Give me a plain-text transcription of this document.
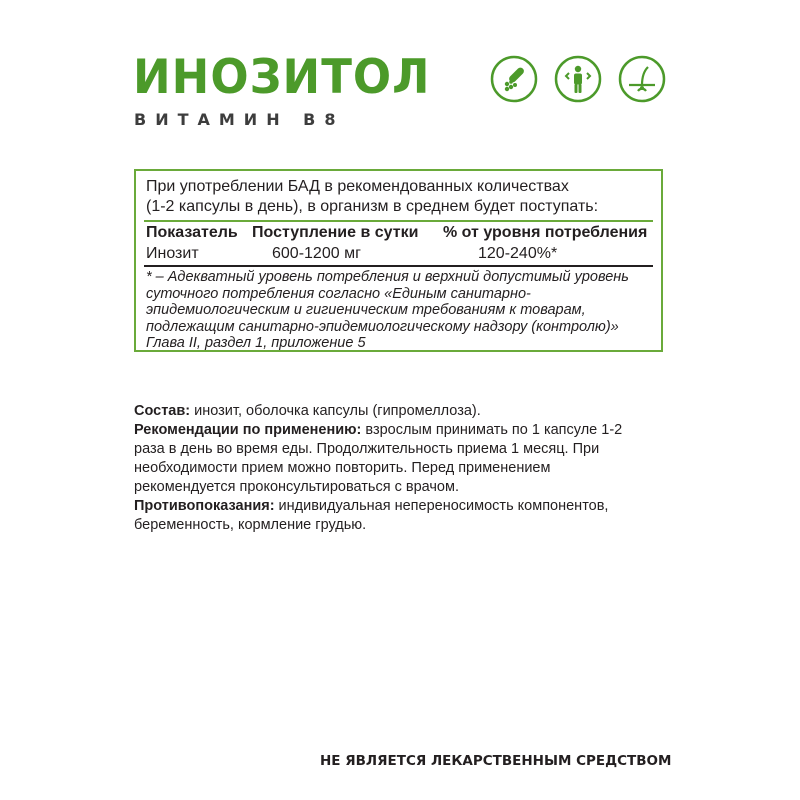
ИНОЗИТОЛ
ВИТАМИН В8
При употреблении БАД в рекомендованных количествах
(1-2 капсулы в день), в организм в среднем будет поступать:
Показатель Поступление в сутки % от уровня потребления
Инозит	600-1200 мг	120-240%*
* – Адекватный уровень потребления и верхний допустимый уровень суточного потребления согласно «Единым санитарно-эпидемиологическим и гигиеническим требованиям к товарам, подлежащим санитарно-эпидемиологическому надзору (контролю)» Глава II, раздел 1, приложение 5

Состав: инозит, оболочка капсулы (гипромеллоза).

Рекомендации по применению: взрослым принимать по 1 капсуле 1-2 раза в день во время еды. Продолжительность приема 1 месяц. При необходимости прием можно повторить. Перед применением рекомендуется проконсультироваться с врачом.

Противопоказания: индивидуальная непереносимость компонентов, беременность, кормление грудью.

НЕ ЯВЛЯЕТСЯ ЛЕКАРСТВЕННЫМ СРЕДСТВОМ
